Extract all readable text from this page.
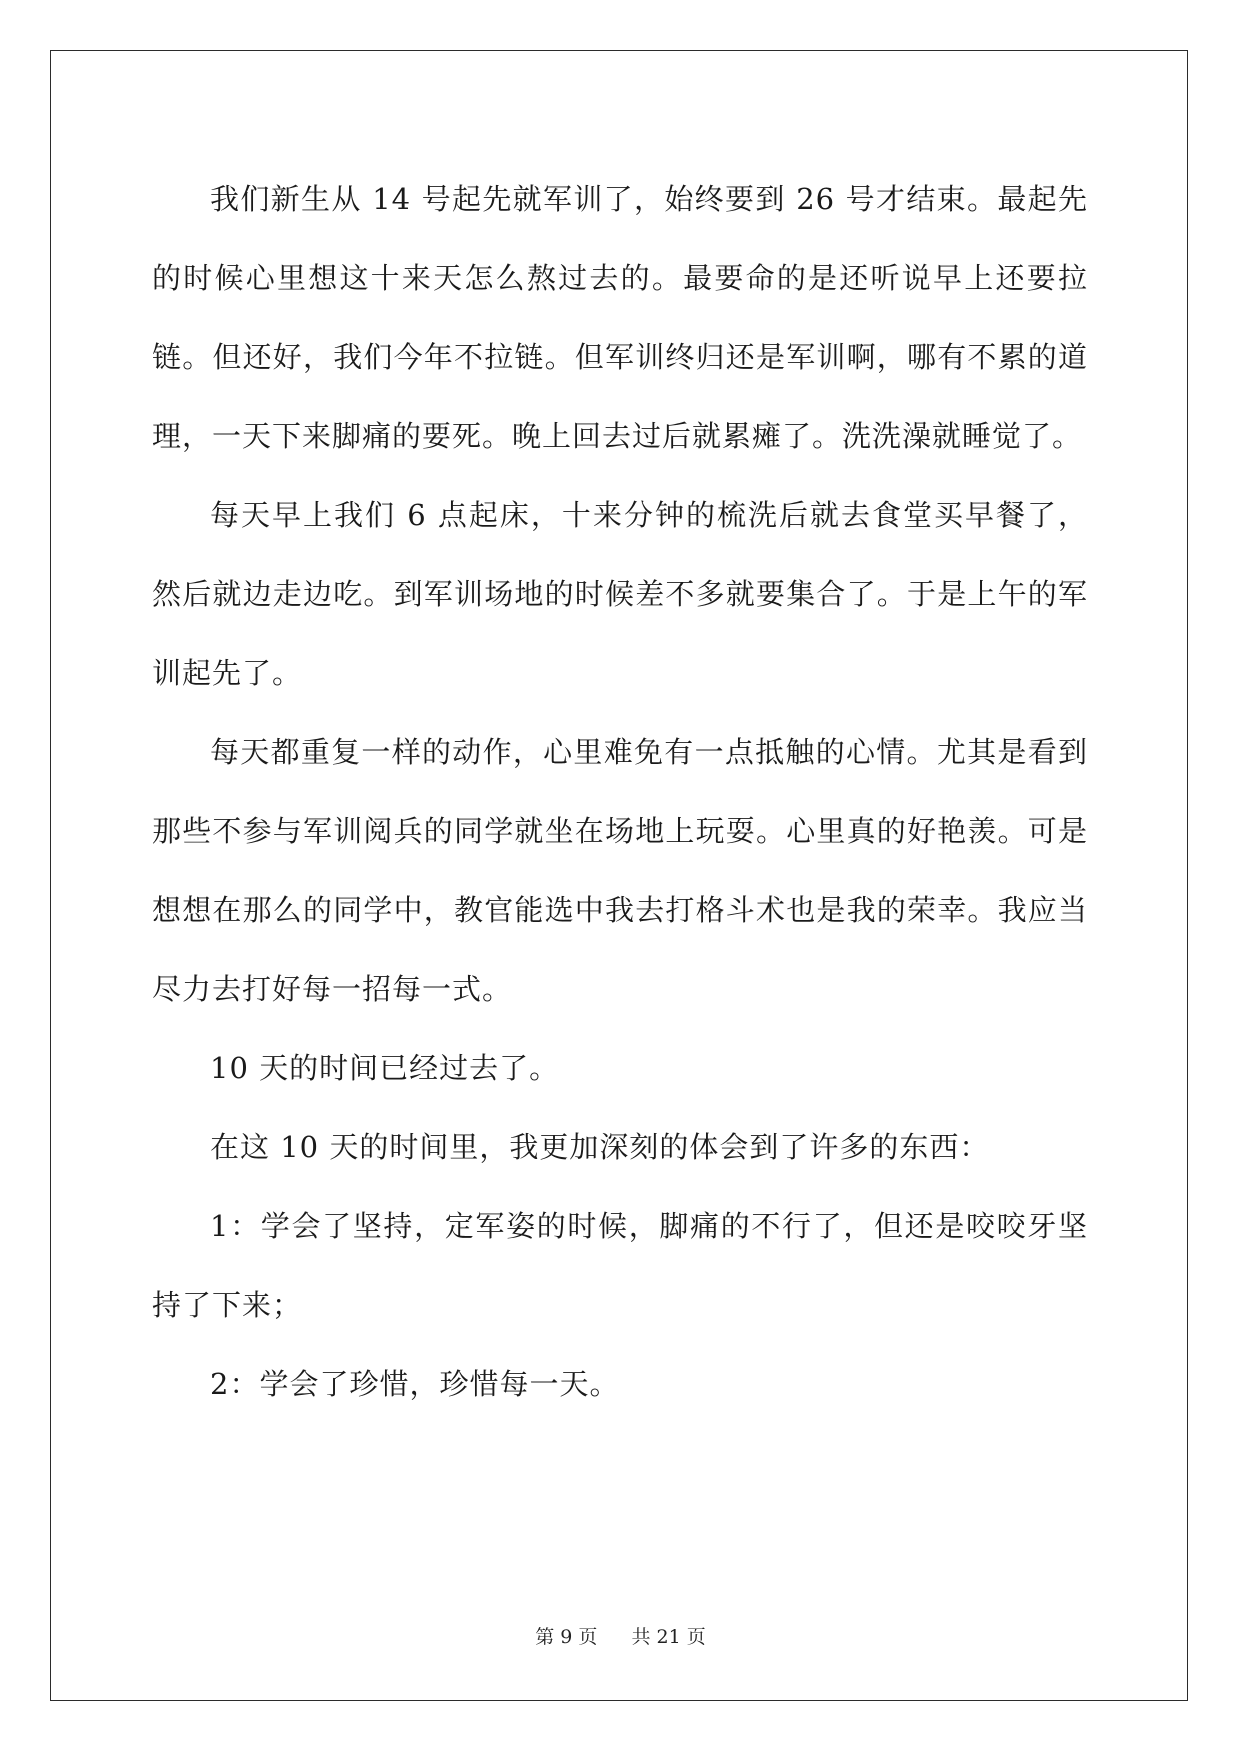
我们新生从 14 号起先就军训了，始终要到 26 号才结束。最起先的时候心里想这十来天怎么熬过去的。最要命的是还听说早上还要拉链。但还好，我们今年不拉链。但军训终归还是军训啊，哪有不累的道理，一天下来脚痛的要死。晚上回去过后就累瘫了。洗洗澡就睡觉了。

每天早上我们 6 点起床，十来分钟的梳洗后就去食堂买早餐了，然后就边走边吃。到军训场地的时候差不多就要集合了。于是上午的军训起先了。

每天都重复一样的动作，心里难免有一点抵触的心情。尤其是看到那些不参与军训阅兵的同学就坐在场地上玩耍。心里真的好艳羡。可是想想在那么的同学中，教官能选中我去打格斗术也是我的荣幸。我应当尽力去打好每一招每一式。

10 天的时间已经过去了。

在这 10 天的时间里，我更加深刻的体会到了许多的东西：

1：学会了坚持，定军姿的时候，脚痛的不行了，但还是咬咬牙坚持了下来；

2：学会了珍惜，珍惜每一天。

第 9 页 共 21 页
